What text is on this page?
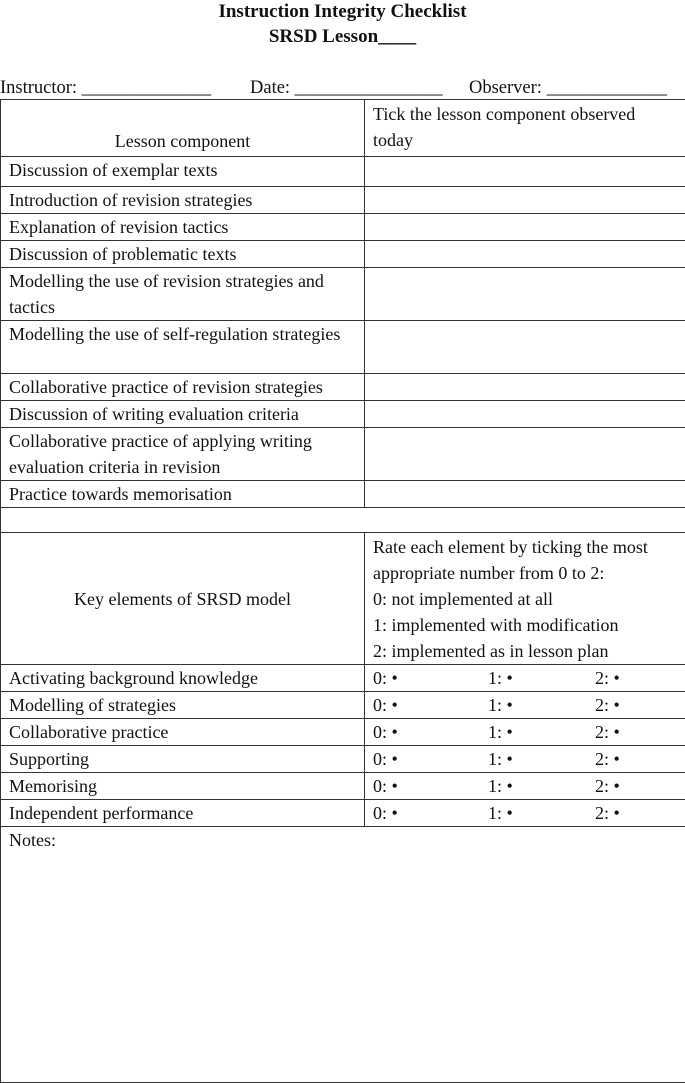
Instruction Integrity Checklist
SRSD Lesson____
Instructor: ______________ Date: ________________ Observer: _____________
Lesson component	Tick the lesson component observed today
Discussion of exemplar texts	
Introduction of revision strategies	
Explanation of revision tactics	
Discussion of problematic texts	
Modelling the use of revision strategies and tactics	
Modelling the use of self-regulation strategies	
Collaborative practice of revision strategies	
Discussion of writing evaluation criteria	
Collaborative practice of applying writing evaluation criteria in revision	
Practice towards memorisation	

Key elements of SRSD model	Rate each element by ticking the most appropriate number from 0 to 2:
0: not implemented at all
1: implemented with modification
2: implemented as in lesson plan

Activating background knowledge	0: • 1: • 2: •

Modelling of strategies	0: • 1: • 2: •

Collaborative practice	0: • 1: • 2: •

Supporting	0: • 1: • 2: •

Memorising	0: • 1: • 2: •

Independent performance	0: • 1: • 2: •

Notes:	
